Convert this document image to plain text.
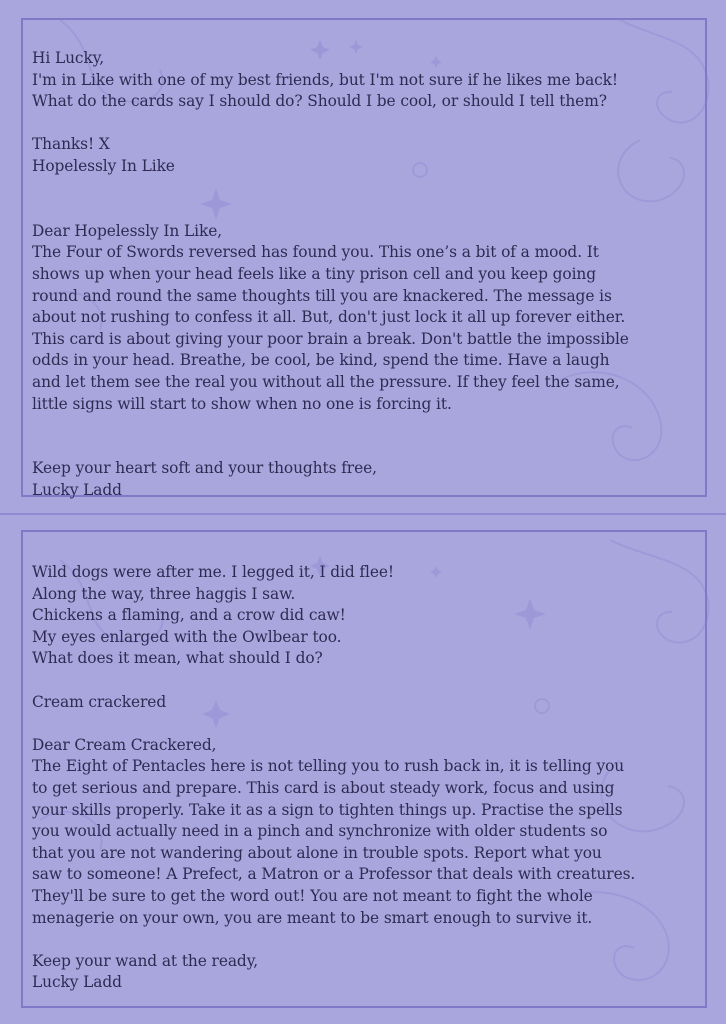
Hi Lucky,
I'm in Like with one of my best friends, but I'm not sure if he likes me back!
What do the cards say I should do? Should I be cool, or should I tell them?
Thanks! X
Hopelessly In Like
Dear Hopelessly In Like,
The Four of Swords reversed has found you. This one’s a bit of a mood. It
shows up when your head feels like a tiny prison cell and you keep going
round and round the same thoughts till you are knackered. The message is
about not rushing to confess it all. But, don't just lock it all up forever either.
This card is about giving your poor brain a break. Don't battle the impossible
odds in your head. Breathe, be cool, be kind, spend the time. Have a laugh
and let them see the real you without all the pressure. If they feel the same,
little signs will start to show when no one is forcing it.
Keep your heart soft and your thoughts free,
Lucky Ladd
Wild dogs were after me. I legged it, I did flee!
Along the way, three haggis I saw.
Chickens a flaming, and a crow did caw!
My eyes enlarged with the Owlbear too.
What does it mean, what should I do?
Cream crackered
Dear Cream Crackered,
The Eight of Pentacles here is not telling you to rush back in, it is telling you
to get serious and prepare. This card is about steady work, focus and using
your skills properly. Take it as a sign to tighten things up. Practise the spells
you would actually need in a pinch and synchronize with older students so
that you are not wandering about alone in trouble spots. Report what you
saw to someone! A Prefect, a Matron or a Professor that deals with creatures.
They'll be sure to get the word out! You are not meant to fight the whole
menagerie on your own, you are meant to be smart enough to survive it.
Keep your wand at the ready,
Lucky Ladd
